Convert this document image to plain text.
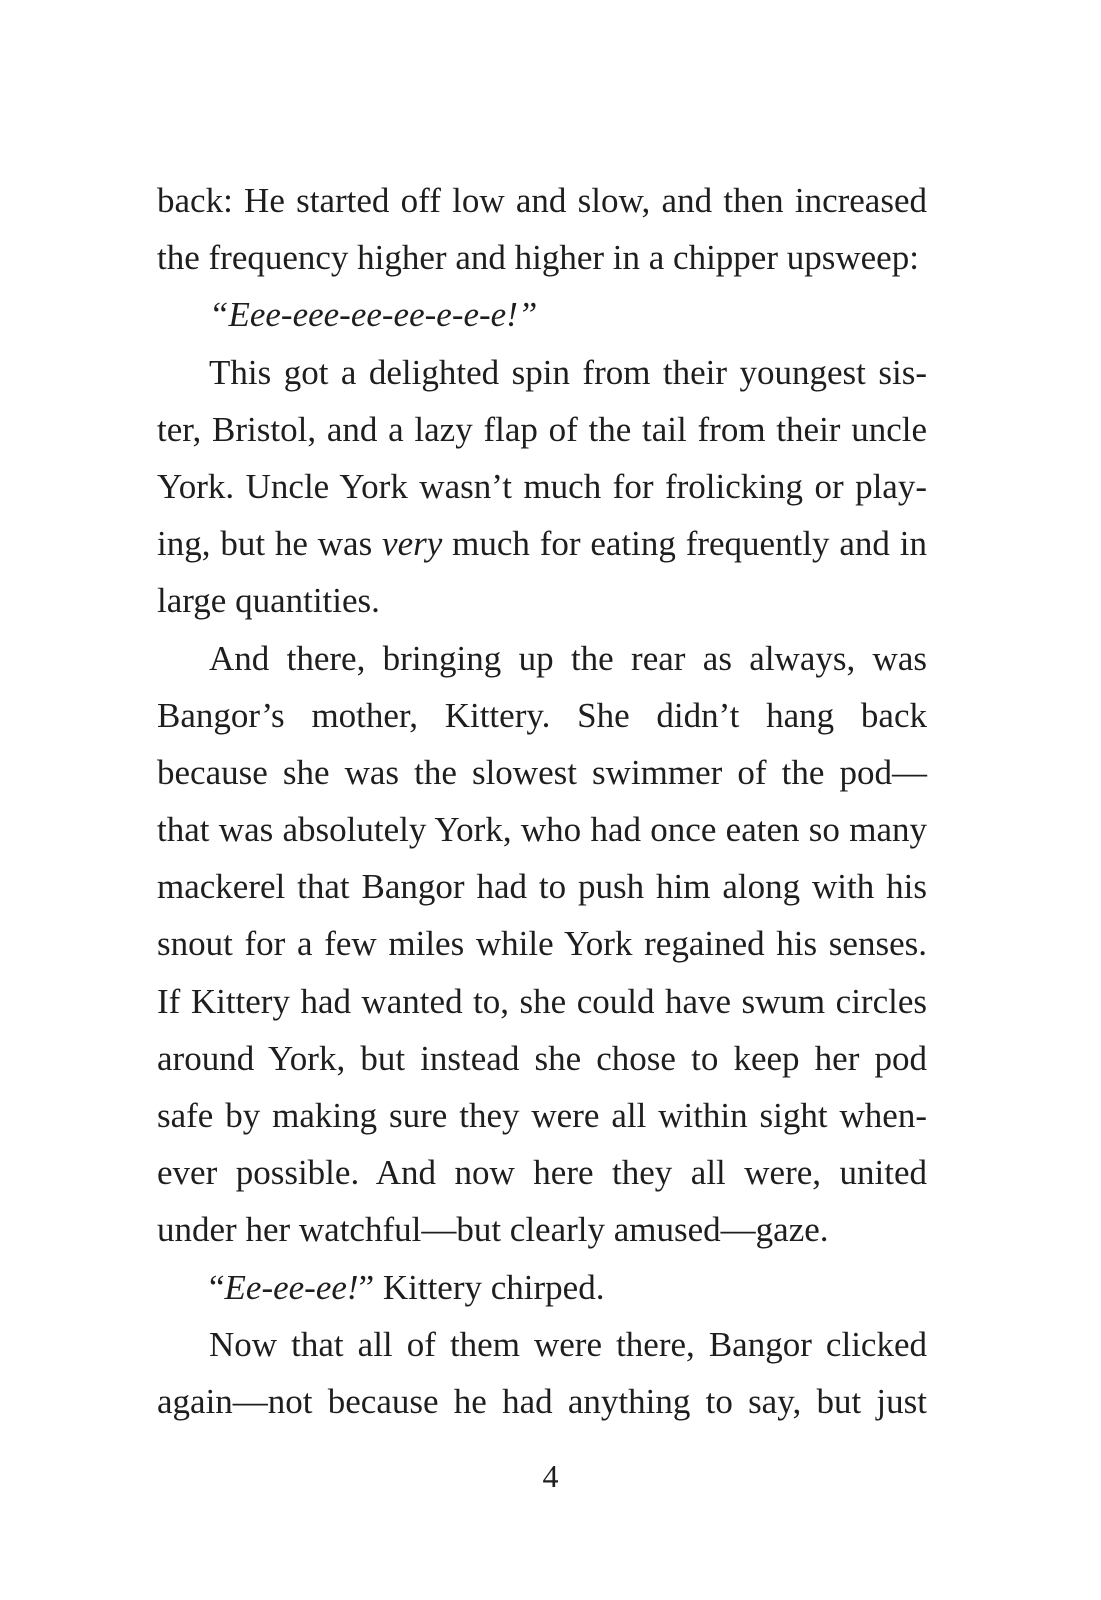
back: He started off low and slow, and then increased
the frequency higher and higher in a chipper upsweep:
“Eee-eee-ee-ee-e-e-e!”
This got a delighted spin from their youngest sis-
ter, Bristol, and a lazy flap of the tail from their uncle
York. Uncle York wasn’t much for frolicking or play-
ing, but he was very much for eating frequently and in
large quantities.
And there, bringing up the rear as always, was
Bangor’s mother, Kittery. She didn’t hang back
because she was the slowest swimmer of the pod—
that was absolutely York, who had once eaten so many
mackerel that Bangor had to push him along with his
snout for a few miles while York regained his senses.
If Kittery had wanted to, she could have swum circles
around York, but instead she chose to keep her pod
safe by making sure they were all within sight when-
ever possible. And now here they all were, united
under her watchful—but clearly amused—gaze.
“Ee-ee-ee!” Kittery chirped.
Now that all of them were there, Bangor clicked
again—not because he had anything to say, but just
4
